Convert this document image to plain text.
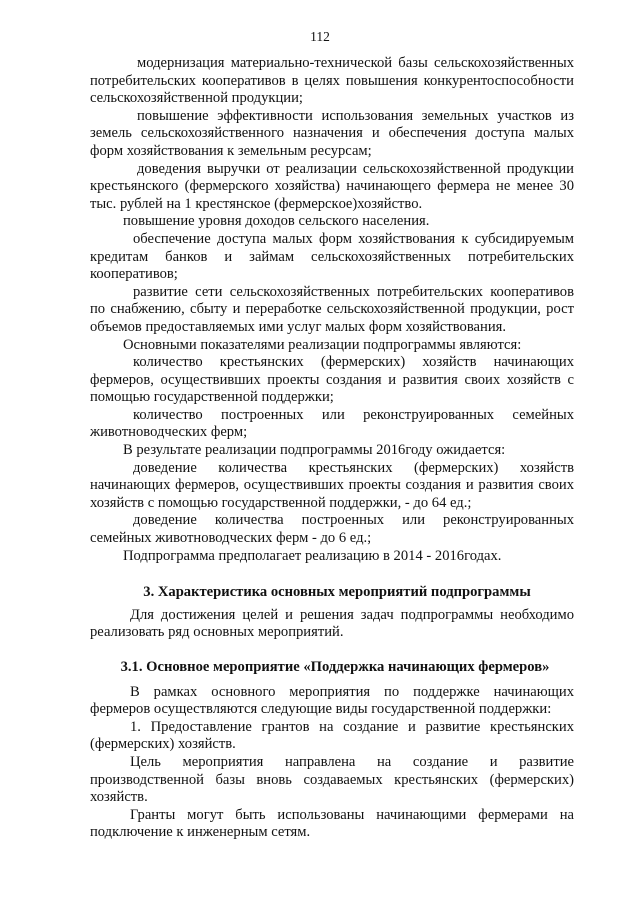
112

модернизация материально-технической базы сельскохозяйственных потребительских кооперативов в целях повышения конкурентоспособности сельскохозяйственной продукции;

повышение эффективности использования земельных участков из земель сельскохозяйственного назначения и обеспечения доступа малых форм хозяйствования к земельным ресурсам;

доведения выручки от реализации сельскохозяйственной продукции крестьянского (фермерского хозяйства) начинающего фермера не менее 30 тыс. рублей на 1 крестянское (фермерскoe)хозяйство.

повышение уровня доходов сельского населения.

обеспечение доступа малых форм хозяйствования к субсидируемым кредитам банков и займам сельскохозяйственных потребительских кооперативов;

развитие сети сельскохозяйственных потребительских кооперативов по снабжению, сбыту и переработке сельскохозяйственной продукции, рост объемов предоставляемых ими услуг малых форм хозяйствования.

Основными показателями реализации подпрограммы являются:

количество крестьянских (фермерских) хозяйств начинающих фермеров, осуществивших проекты создания и развития своих хозяйств с помощью государственной поддержки;

количество построенных или реконструированных семейных животноводческих ферм;

В результате реализации подпрограммы 2016году ожидается:

доведение количества крестьянских (фермерских) хозяйств начинающих фермеров, осуществивших проекты создания и развития своих хозяйств с помощью государственной поддержки, - до 64 ед.;

доведение количества построенных или реконструированных семейных животноводческих ферм - до 6 ед.;

Подпрограмма предполагает реализацию в 2014 - 2016годах.

3. Характеристика основных мероприятий подпрограммы

Для достижения целей и решения задач подпрограммы необходимо реализовать ряд основных мероприятий.

3.1. Основное мероприятие «Поддержка начинающих фермеров»

В рамках основного мероприятия по поддержке начинающих фермеров осуществляются следующие виды государственной поддержки:

1. Предоставление грантов на создание и развитие крестьянских (фермерских) хозяйств.

Цель мероприятия направлена на создание и развитие производственной базы вновь создаваемых крестьянских (фермерских) хозяйств.

Гранты могут быть использованы начинающими фермерами на подключение к инженерным сетям.
